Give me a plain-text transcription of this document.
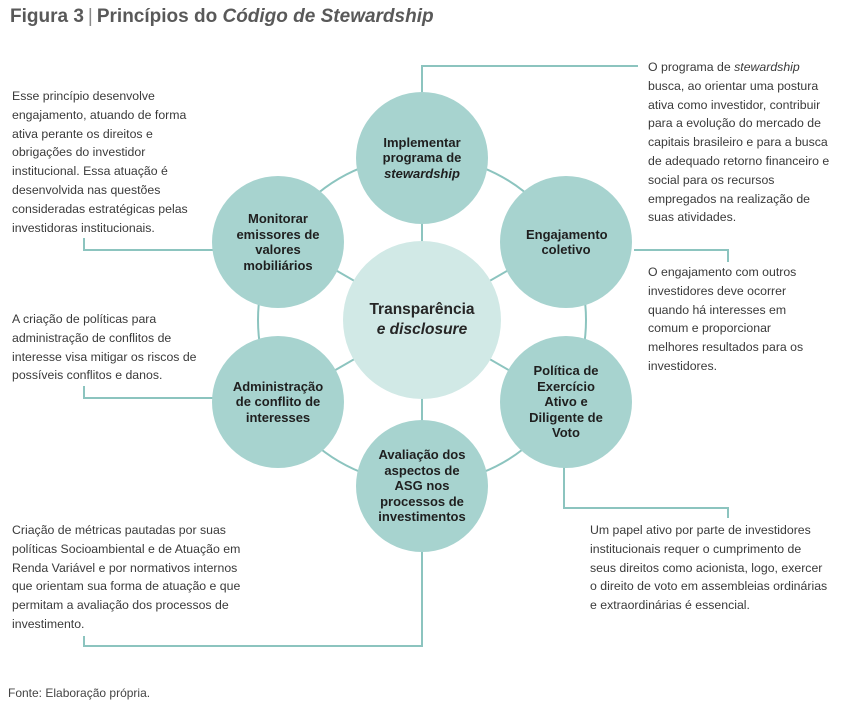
Figura 3 | Princípios do Código de Stewardship
Transparência
e disclosure
Implementar
programa de
stewardship
Engajamento coletivo
Política de Exercício Ativo e Diligente de Voto
Avaliação dos aspectos de ASG nos processos de investimentos
Administração de conflito de interesses
Monitorar emissores de valores mobiliários
O programa de stewardship busca, ao orientar uma postura ativa como investidor, contribuir para a evolução do mercado de capitais brasileiro e para a busca de adequado retorno financeiro e social para os recursos empregados na realização de suas atividades.
O engajamento com outros investidores deve ocorrer quando há interesses em comum e proporcionar melhores resultados para os investidores.
Um papel ativo por parte de investidores institucionais requer o cumprimento de seus direitos como acionista, logo, exercer o direito de voto em assembleias ordinárias e extraordinárias é essencial.
Criação de métricas pautadas por suas políticas Socioambiental e de Atuação em Renda Variável e por normativos internos que orientam sua forma de atuação e que permitam a avaliação dos processos de investimento.
A criação de políticas para administração de conflitos de interesse visa mitigar os riscos de possíveis conflitos e danos.
Esse princípio desenvolve engajamento, atuando de forma ativa perante os direitos e obrigações do investidor institucional. Essa atuação é desenvolvida nas questões consideradas estratégicas pelas investidoras institucionais.
Fonte: Elaboração própria.
